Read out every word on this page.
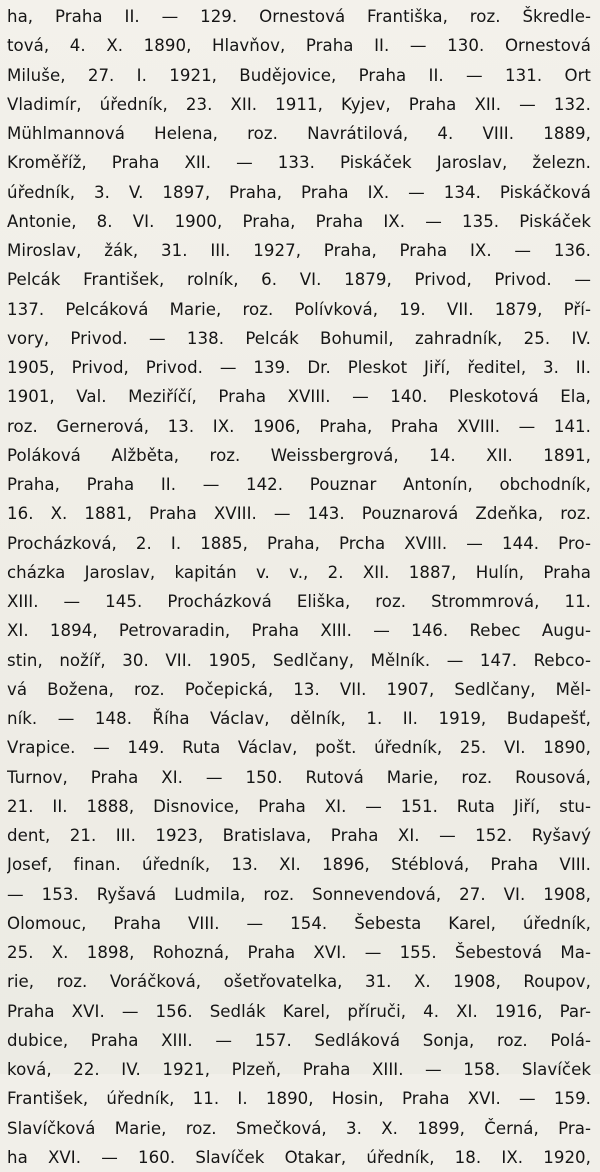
ha, Praha II. — 129. Ornestová Františka, roz. Škredle-
tová, 4. X. 1890, Hlavňov, Praha II. — 130. Ornestová
Miluše, 27. I. 1921, Budějovice, Praha II. — 131. Ort
Vladimír, úředník, 23. XII. 1911, Kyjev, Praha XII. — 132.
Mühlmannová Helena, roz. Navrátilová, 4. VIII. 1889,
Kroměříž, Praha XII. — 133. Piskáček Jaroslav, železn.
úředník, 3. V. 1897, Praha, Praha IX. — 134. Piskáčková
Antonie, 8. VI. 1900, Praha, Praha IX. — 135. Piskáček
Miroslav, žák, 31. III. 1927, Praha, Praha IX. — 136.
Pelcák František, rolník, 6. VI. 1879, Privod, Privod. —
137. Pelcáková Marie, roz. Polívková, 19. VII. 1879, Pří-
vory, Privod. — 138. Pelcák Bohumil, zahradník, 25. IV.
1905, Privod, Privod. — 139. Dr. Pleskot Jiří, ředitel, 3. II.
1901, Val. Meziříčí, Praha XVIII. — 140. Pleskotová Ela,
roz. Gernerová, 13. IX. 1906, Praha, Praha XVIII. — 141.
Poláková Alžběta, roz. Weissbergrová, 14. XII. 1891,
Praha, Praha II. — 142. Pouznar Antonín, obchodník,
16. X. 1881, Praha XVIII. — 143. Pouznarová Zdeňka, roz.
Procházková, 2. I. 1885, Praha, Prcha XVIII. — 144. Pro-
cházka Jaroslav, kapitán v. v., 2. XII. 1887, Hulín, Praha
XIII. — 145. Procházková Eliška, roz. Strommrová, 11.
XI. 1894, Petrovaradin, Praha XIII. — 146. Rebec Augu-
stin, nožíř, 30. VII. 1905, Sedlčany, Mělník. — 147. Rebco-
vá Božena, roz. Počepická, 13. VII. 1907, Sedlčany, Měl-
ník. — 148. Říha Václav, dělník, 1. II. 1919, Budapešť,
Vrapice. — 149. Ruta Václav, pošt. úředník, 25. VI. 1890,
Turnov, Praha XI. — 150. Rutová Marie, roz. Rousová,
21. II. 1888, Disnovice, Praha XI. — 151. Ruta Jiří, stu-
dent, 21. III. 1923, Bratislava, Praha XI. — 152. Ryšavý
Josef, finan. úředník, 13. XI. 1896, Stéblová, Praha VIII.
— 153. Ryšavá Ludmila, roz. Sonnevendová, 27. VI. 1908,
Olomouc, Praha VIII. — 154. Šebesta Karel, úředník,
25. X. 1898, Rohozná, Praha XVI. — 155. Šebestová Ma-
rie, roz. Voráčková, ošetřovatelka, 31. X. 1908, Roupov,
Praha XVI. — 156. Sedlák Karel, příruči, 4. XI. 1916, Par-
dubice, Praha XIII. — 157. Sedláková Sonja, roz. Polá-
ková, 22. IV. 1921, Plzeň, Praha XIII. — 158. Slavíček
František, úředník, 11. I. 1890, Hosin, Praha XVI. — 159.
Slavíčková Marie, roz. Smečková, 3. X. 1899, Černá, Pra-
ha XVI. — 160. Slavíček Otakar, úředník, 18. IX. 1920,
